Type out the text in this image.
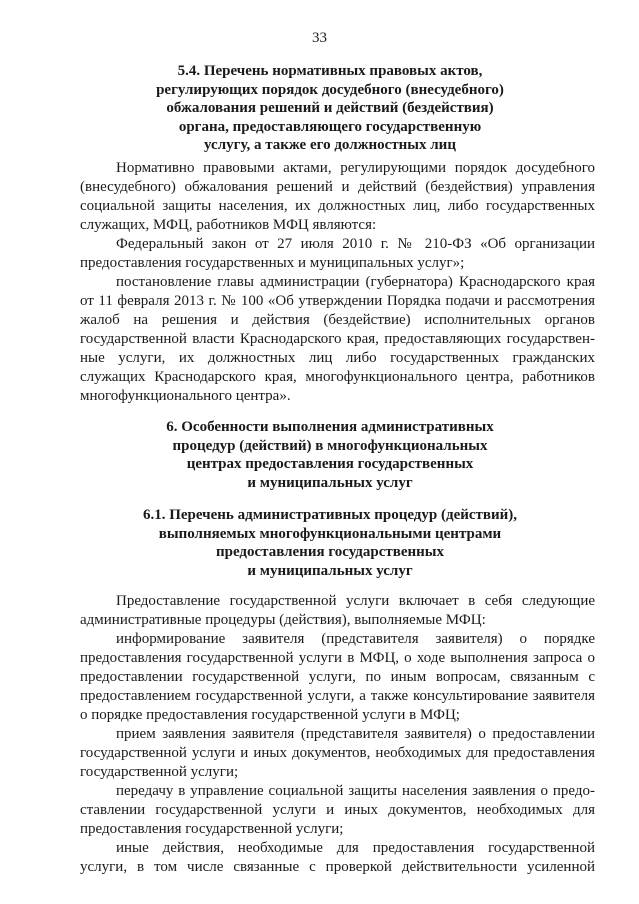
33
5.4. Перечень нормативных правовых актов,
регулирующих порядок досудебного (внесудебного)
обжалования решений и действий (бездействия)
органа, предоставляющего государственную
услугу, а также его должностных лиц
Нормативно правовыми актами, регулирующими порядок досудебного
(внесудебного) обжалования решений и действий (бездействия) управления
социальной защиты населения, их должностных лиц, либо государственных
служащих, МФЦ, работников МФЦ являются:
Федеральный закон от 27 июля 2010 г. № 210-ФЗ «Об организации
предоставления государственных и муниципальных услуг»;
постановление главы администрации (губернатора) Краснодарского края
от 11 февраля 2013 г. № 100 «Об утверждении Порядка подачи и рассмотрения
жалоб на решения и действия (бездействие) исполнительных органов
государственной власти Краснодарского края, предоставляющих государствен-
ные услуги, их должностных лиц либо государственных гражданских
служащих Краснодарского края, многофункционального центра, работников
многофункционального центра».
6. Особенности выполнения административных
процедур (действий) в многофункциональных
центрах предоставления государственных
и муниципальных услуг
6.1. Перечень административных процедур (действий),
выполняемых многофункциональными центрами
предоставления государственных
и муниципальных услуг
Предоставление государственной услуги включает в себя следующие
административные процедуры (действия), выполняемые МФЦ:
информирование заявителя (представителя заявителя) о порядке
предоставления государственной услуги в МФЦ, о ходе выполнения запроса о
предоставлении государственной услуги, по иным вопросам, связанным с
предоставлением государственной услуги, а также консультирование заявителя
о порядке предоставления государственной услуги в МФЦ;
прием заявления заявителя (представителя заявителя) о предоставлении
государственной услуги и иных документов, необходимых для предоставления
государственной услуги;
передачу в управление социальной защиты населения заявления о предо-
ставлении государственной услуги и иных документов, необходимых для
предоставления государственной услуги;
иные действия, необходимые для предоставления государственной
услуги, в том числе связанные с проверкой действительности усиленной
